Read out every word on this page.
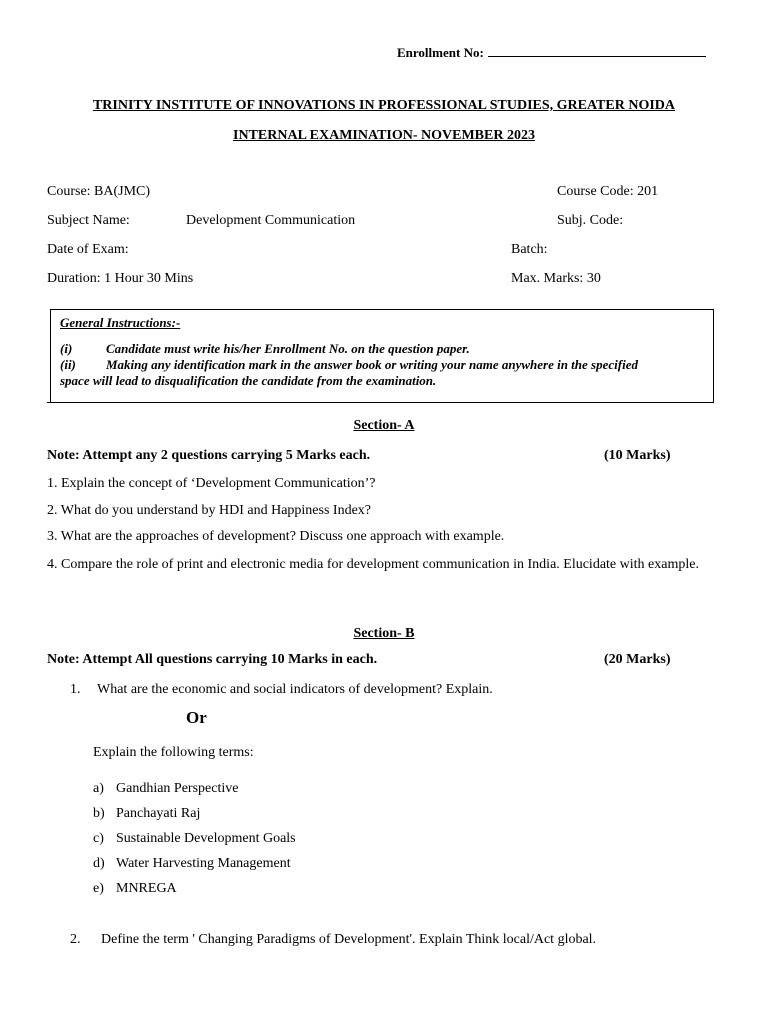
Enrollment No:
TRINITY INSTITUTE OF INNOVATIONS IN PROFESSIONAL STUDIES, GREATER NOIDA
INTERNAL EXAMINATION- NOVEMBER 2023
Course: BA(JMC)	Course Code: 201
Subject Name:	Development Communication	Subj. Code:
Date of Exam:	Batch:
Duration: 1 Hour 30 Mins	Max. Marks: 30
General Instructions:-
(i)	Candidate must write his/her Enrollment No. on the question paper.
(ii) Making any identification mark in the answer book or writing your name anywhere in the specified
space will lead to disqualification the candidate from the examination.
Section- A
Note: Attempt any 2 questions carrying 5 Marks each.	(10 Marks)
1. Explain the concept of ‘Development Communication’?
2. What do you understand by HDI and Happiness Index?
3. What are the approaches of development? Discuss one approach with example.
4. Compare the role of print and electronic media for development communication in India. Elucidate with example.
Section- B
Note: Attempt All questions carrying 10 Marks in each.	(20 Marks)
1. What are the economic and social indicators of development? Explain.
Or
Explain the following terms:
a) Gandhian Perspective
b) Panchayati Raj
c) Sustainable Development Goals
d) Water Harvesting Management
e) MNREGA
2. Define the term ' Changing Paradigms of Development'. Explain Think local/Act global.
